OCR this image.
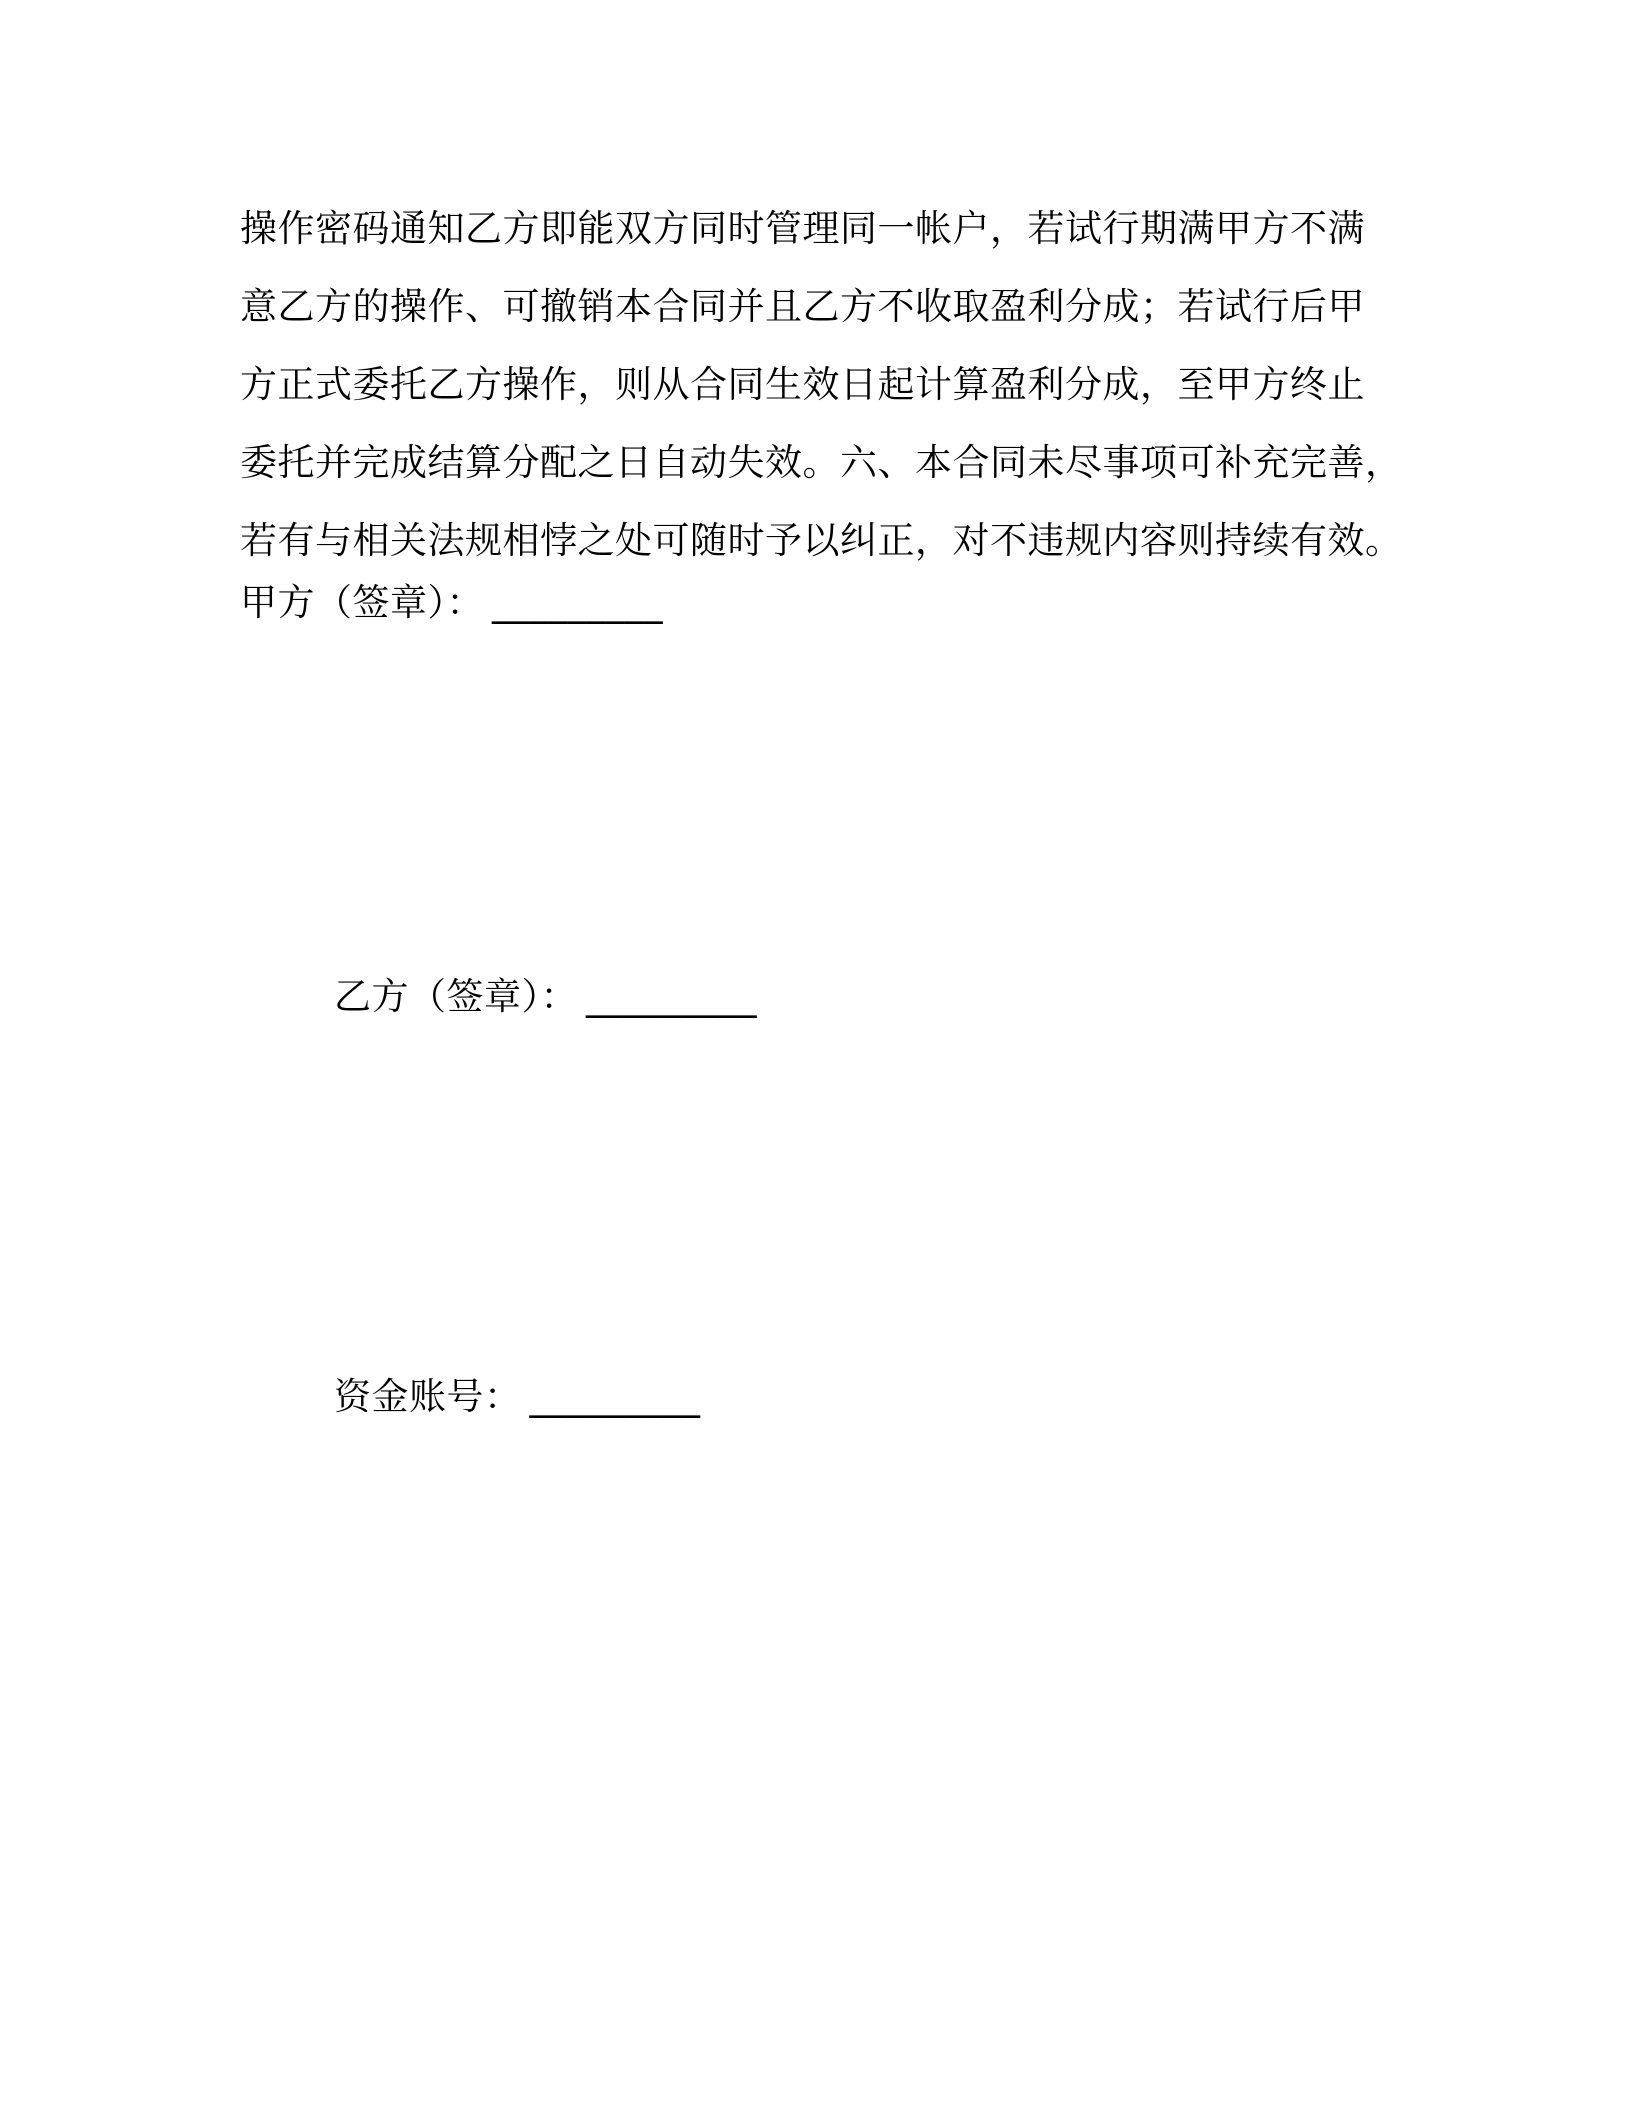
操作密码通知乙方即能双方同时管理同一帐户，若试行期满甲方不满
意乙方的操作、可撤销本合同并且乙方不收取盈利分成；若试行后甲
方正式委托乙方操作，则从合同生效日起计算盈利分成，至甲方终止
委托并完成结算分配之日自动失效。六、本合同未尽事项可补充完善，
若有与相关法规相悖之处可随时予以纠正，对不违规内容则持续有效。
甲方（签章）： _________
乙方（签章）： _________
资金账号： _________
